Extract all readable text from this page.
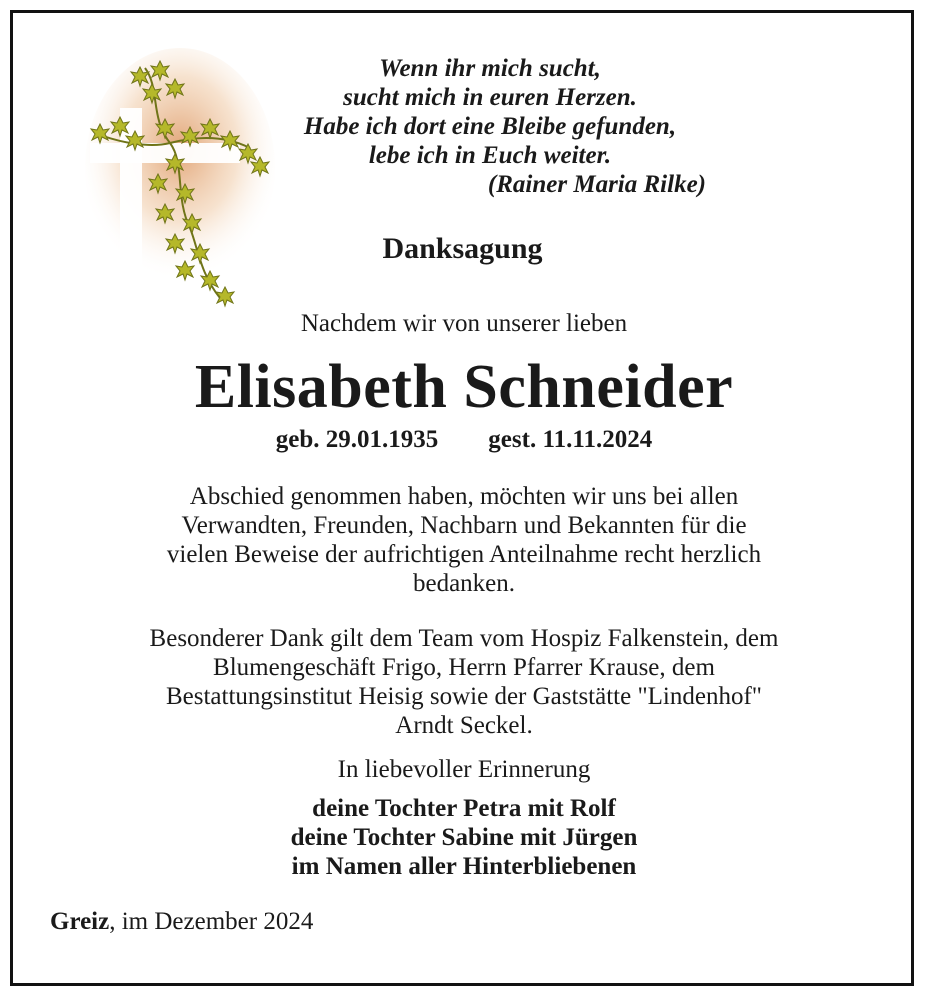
Wenn ihr mich sucht,
sucht mich in euren Herzen.
Habe ich dort eine Bleibe gefunden,
lebe ich in Euch weiter.
(Rainer Maria Rilke)
Danksagung
Nachdem wir von unserer lieben
Elisabeth Schneider
geb. 29.01.1935 gest. 11.11.2024
Abschied genommen haben, möchten wir uns bei allen
Verwandten, Freunden, Nachbarn und Bekannten für die
vielen Beweise der aufrichtigen Anteilnahme recht herzlich
bedanken.
Besonderer Dank gilt dem Team vom Hospiz Falkenstein, dem
Blumengeschäft Frigo, Herrn Pfarrer Krause, dem
Bestattungsinstitut Heisig sowie der Gaststätte "Lindenhof"
Arndt Seckel.
In liebevoller Erinnerung
deine Tochter Petra mit Rolf
deine Tochter Sabine mit Jürgen
im Namen aller Hinterbliebenen
Greiz, im Dezember 2024
